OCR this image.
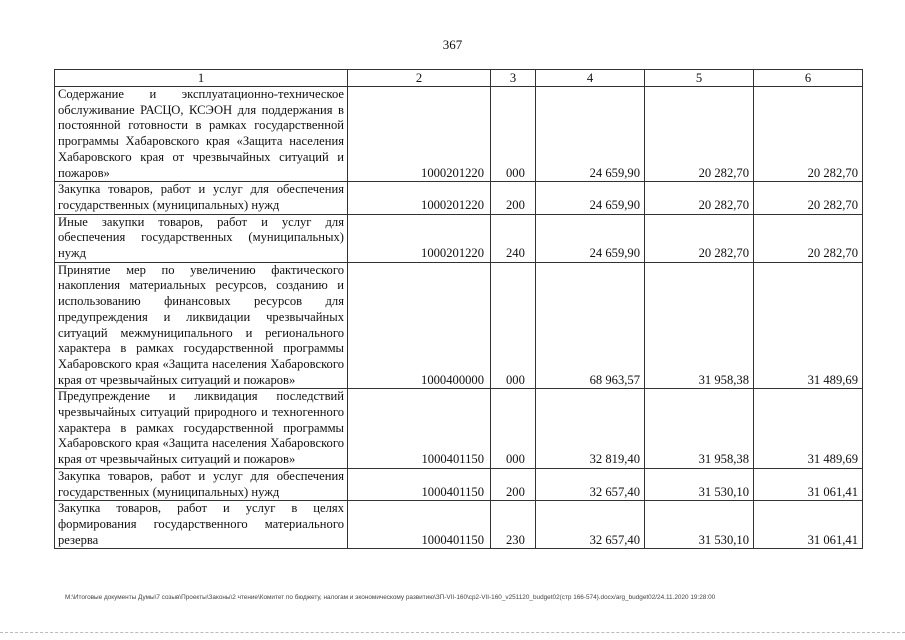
367
1	2	3	4	5	6
Содержание и эксплуатационно-техническое обслуживание РАСЦО, КСЭОН для поддержания в постоянной готовности в рамках государственной программы Хабаровского края «Защита населения Хабаровского края от чрезвычайных ситуаций и пожаров»	1000201220	000	24 659,90	20 282,70	20 282,70
Закупка товаров, работ и услуг для обеспечения государственных (муниципальных) нужд	1000201220	200	24 659,90	20 282,70	20 282,70
Иные закупки товаров, работ и услуг для обеспечения государственных (муниципальных) нужд	1000201220	240	24 659,90	20 282,70	20 282,70
Принятие мер по увеличению фактического накопления материальных ресурсов, созданию и использованию финансовых ресурсов для предупреждения и ликвидации чрезвычайных ситуаций межмуниципального и регионального характера в рамках государственной программы Хабаровского края «Защита населения Хабаровского края от чрезвычайных ситуаций и пожаров»	1000400000	000	68 963,57	31 958,38	31 489,69
Предупреждение и ликвидация последствий чрезвычайных ситуаций природного и техногенного характера в рамках государственной программы Хабаровского края «Защита населения Хабаровского края от чрезвычайных ситуаций и пожаров»	1000401150	000	32 819,40	31 958,38	31 489,69
Закупка товаров, работ и услуг для обеспечения государственных (муниципальных) нужд	1000401150	200	32 657,40	31 530,10	31 061,41
Закупка товаров, работ и услуг в целях формирования государственного материального резерва	1000401150	230	32 657,40	31 530,10	31 061,41
M:\Итоговые документы Думы\7 созыв\Проекты\Законы\2 чтение\Комитет по бюджету, налогам и экономическому развитию\ЗП-VII-160\ср2-VII-160_v251120_budget02(стр 166-574).docx/arg_budget02/24.11.2020 19:28:00
